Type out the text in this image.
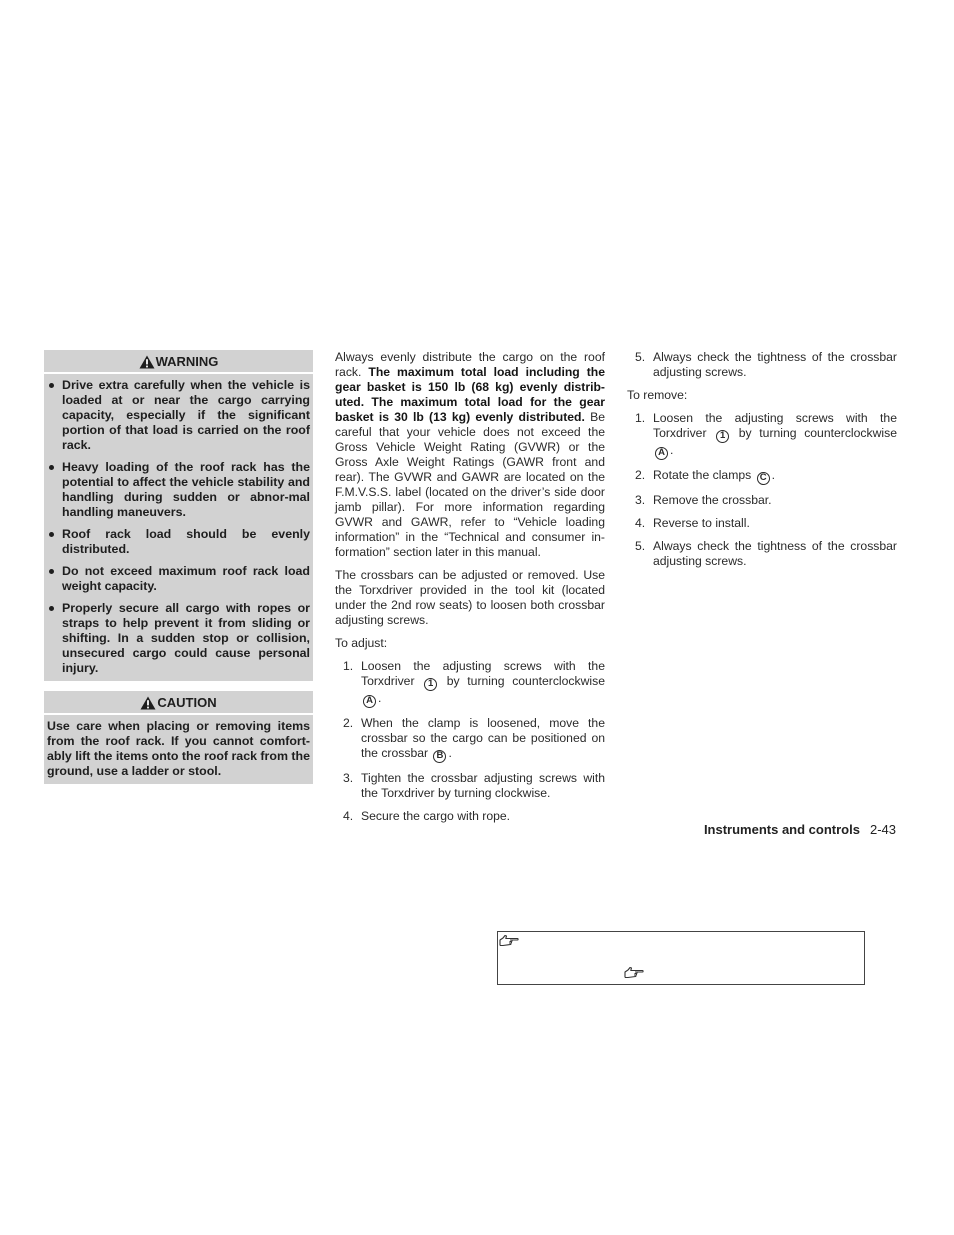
WARNING
Drive extra carefully when the vehicle is loaded at or near the cargo carrying capacity, especially if the significant portion of that load is carried on the roof rack.
Heavy loading of the roof rack has the potential to affect the vehicle stability and handling during sudden or abnor-mal handling maneuvers.
Roof rack load should be evenly distributed.
Do not exceed maximum roof rack load weight capacity.
Properly secure all cargo with ropes or straps to help prevent it from sliding or shifting. In a sudden stop or collision, unsecured cargo could cause personal injury.
CAUTION

Use care when placing or removing items from the roof rack. If you cannot comfort-ably lift the items onto the roof rack from the ground, use a ladder or stool.

Always evenly distribute the cargo on the roof rack. The maximum total load including the gear basket is 150 lb (68 kg) evenly distrib-uted. The maximum total load for the gear basket is 30 lb (13 kg) evenly distributed. Be careful that your vehicle does not exceed the Gross Vehicle Weight Rating (GVWR) or the Gross Axle Weight Ratings (GAWR front and rear). The GVWR and GAWR are located on the F.M.V.S.S. label (located on the driver’s side door jamb pillar). For more information regarding GVWR and GAWR, refer to “Vehicle loading information” in the “Technical and consumer in-formation” section later in this manual.

The crossbars can be adjusted or removed. Use the Torxdriver provided in the tool kit (located under the 2nd row seats) to loosen both crossbar adjusting screws.

To adjust:

1. Loosen the adjusting screws with the Torxdriver 1 by turning counterclockwise A .
2. When the clamp is loosened, move the crossbar so the cargo can be positioned on the crossbar B .
3. Tighten the crossbar adjusting screws with the Torxdriver by turning clockwise.
4. Secure the cargo with rope.
5. Always check the tightness of the crossbar adjusting screws.

To remove:

1. Loosen the adjusting screws with the Torxdriver 1 by turning counterclockwise A .
2. Rotate the clamps C .
3. Remove the crossbar.
4. Reverse to install.
5. Always check the tightness of the crossbar adjusting screws.
Instruments and controls 2-43
